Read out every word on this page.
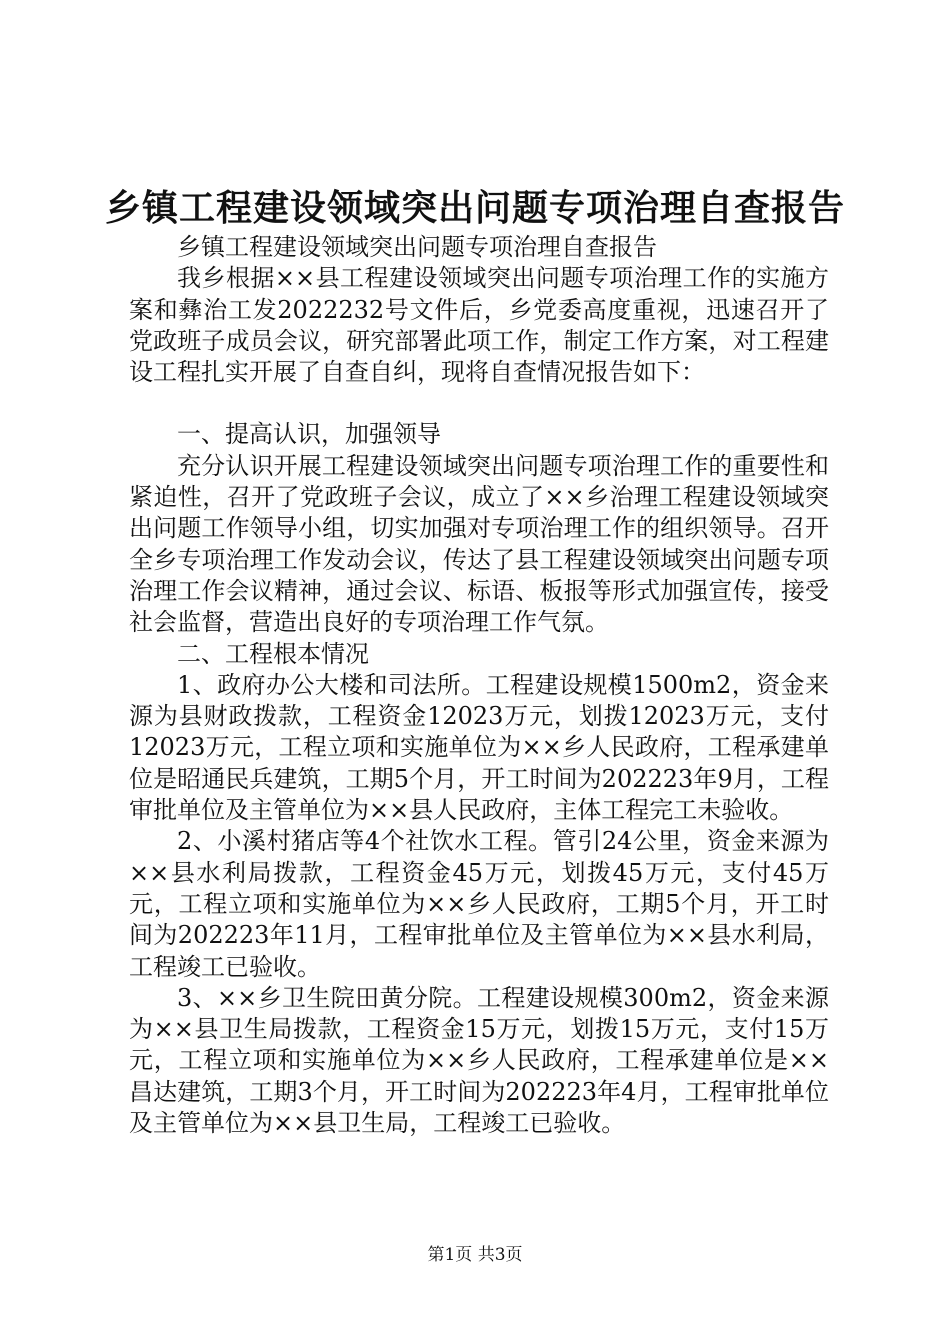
乡镇工程建设领域突出问题专项治理自查报告

乡镇工程建设领域突出问题专项治理自查报告

我乡根据××县工程建设领域突出问题专项治理工作的实施方案和彝治工发2022232号文件后，乡党委高度重视，迅速召开了党政班子成员会议，研究部署此项工作，制定工作方案，对工程建设工程扎实开展了自查自纠，现将自查情况报告如下：

一、提高认识，加强领导

充分认识开展工程建设领域突出问题专项治理工作的重要性和紧迫性，召开了党政班子会议，成立了××乡治理工程建设领域突出问题工作领导小组，切实加强对专项治理工作的组织领导。召开全乡专项治理工作发动会议，传达了县工程建设领域突出问题专项治理工作会议精神，通过会议、标语、板报等形式加强宣传，接受社会监督，营造出良好的专项治理工作气氛。

二、工程根本情况

1、政府办公大楼和司法所。工程建设规模1500m2，资金来源为县财政拨款，工程资金12023万元，划拨12023万元，支付12023万元，工程立项和实施单位为××乡人民政府，工程承建单位是昭通民兵建筑，工期5个月，开工时间为202223年9月，工程审批单位及主管单位为××县人民政府，主体工程完工未验收。

2、小溪村猪店等4个社饮水工程。管引24公里，资金来源为××县水利局拨款，工程资金45万元，划拨45万元，支付45万元，工程立项和实施单位为××乡人民政府，工期5个月，开工时间为202223年11月，工程审批单位及主管单位为××县水利局，工程竣工已验收。

3、××乡卫生院田黄分院。工程建设规模300m2，资金来源为××县卫生局拨款，工程资金15万元，划拨15万元，支付15万元，工程立项和实施单位为××乡人民政府，工程承建单位是××昌达建筑，工期3个月，开工时间为202223年4月，工程审批单位及主管单位为××县卫生局，工程竣工已验收。

第1页 共3页
